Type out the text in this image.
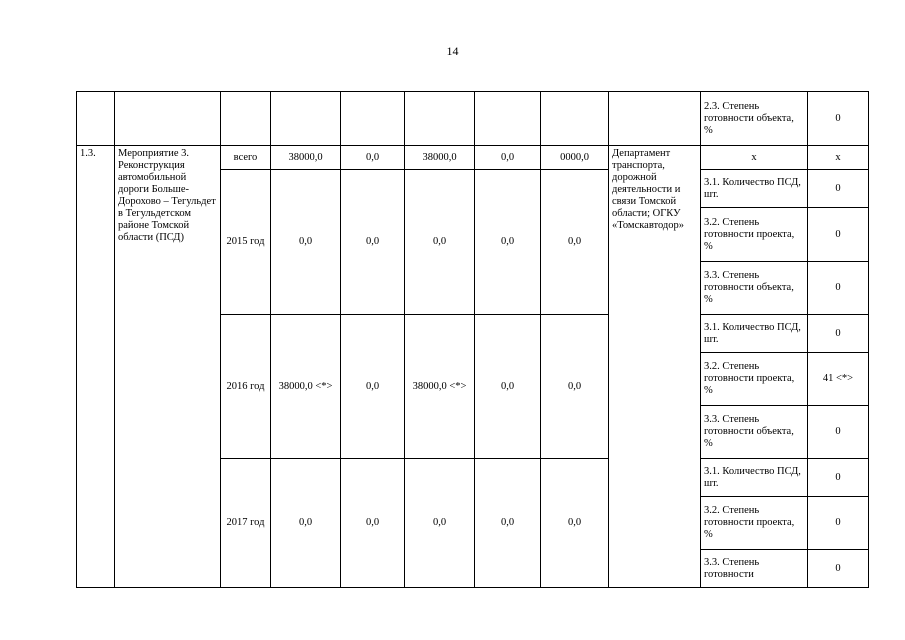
14
									2.3. Степень готовности объекта, %	0
1.3.	Мероприятие 3. Реконструкция автомобильной дороги Больше-Дорохово – Тегульдет в Тегульдетском районе Томской области (ПСД)	всего	38000,0	0,0	38000,0	0,0	0000,0	Департамент транспорта, дорожной деятельности и связи Томской области; ОГКУ «Томскавтодор»	x	x
		2015 год	0,0	0,0	0,0	0,0	0,0		3.1. Количество ПСД, шт.	0
									3.2. Степень готовности проекта, %	0
									3.3. Степень готовности объекта, %	0
		2016 год	38000,0 <*>	0,0	38000,0 <*>	0,0	0,0		3.1. Количество ПСД, шт.	0
									3.2. Степень готовности проекта, %	41 <*>
									3.3. Степень готовности объекта, %	0
		2017 год	0,0	0,0	0,0	0,0	0,0		3.1. Количество ПСД, шт.	0
									3.2. Степень готовности проекта, %	0
									3.3. Степень готовности	0
